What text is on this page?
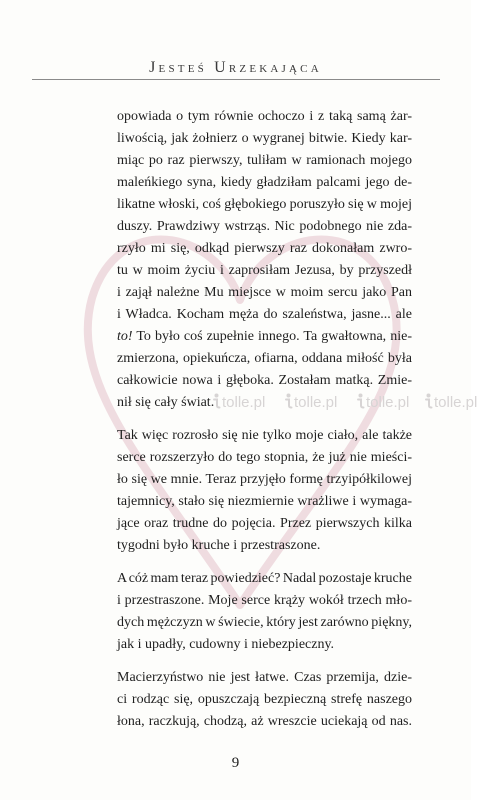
tolle.pl	tolle.pl	tolle.pl	tolle.pl
Jesteś Urzekająca
opowiada o tym równie ochoczo i z taką samą żar-
liwością, jak żołnierz o wygranej bitwie. Kiedy kar-
miąc po raz pierwszy, tuliłam w ramionach mojego
maleńkiego syna, kiedy gładziłam palcami jego de-
likatne włoski, coś głębokiego poruszyło się w mojej
duszy. Prawdziwy wstrząs. Nic podobnego nie zda-
rzyło mi się, odkąd pierwszy raz dokonałam zwro-
tu w moim życiu i zaprosiłam Jezusa, by przyszedł
i zajął należne Mu miejsce w moim sercu jako Pan
i Władca. Kocham męża do szaleństwa, jasne... ale
to! To było coś zupełnie innego. Ta gwałtowna, nie-
zmierzona, opiekuńcza, ofiarna, oddana miłość była
całkowicie nowa i głęboka. Zostałam matką. Zmie-
nił się cały świat.
Tak więc rozrosło się nie tylko moje ciało, ale także
serce rozszerzyło do tego stopnia, że już nie mieści-
ło się we mnie. Teraz przyjęło formę trzyipółkilowej
tajemnicy, stało się niezmiernie wrażliwe i wymaga-
jące oraz trudne do pojęcia. Przez pierwszych kilka
tygodni było kruche i przestraszone.
A cóż mam teraz powiedzieć? Nadal pozostaje kruche
i przestraszone. Moje serce krąży wokół trzech mło-
dych mężczyzn w świecie, który jest zarówno piękny,
jak i upadły, cudowny i niebezpieczny.
Macierzyństwo nie jest łatwe. Czas przemija, dzie-
ci rodząc się, opuszczają bezpieczną strefę naszego
łona, raczkują, chodzą, aż wreszcie uciekają od nas.
9
